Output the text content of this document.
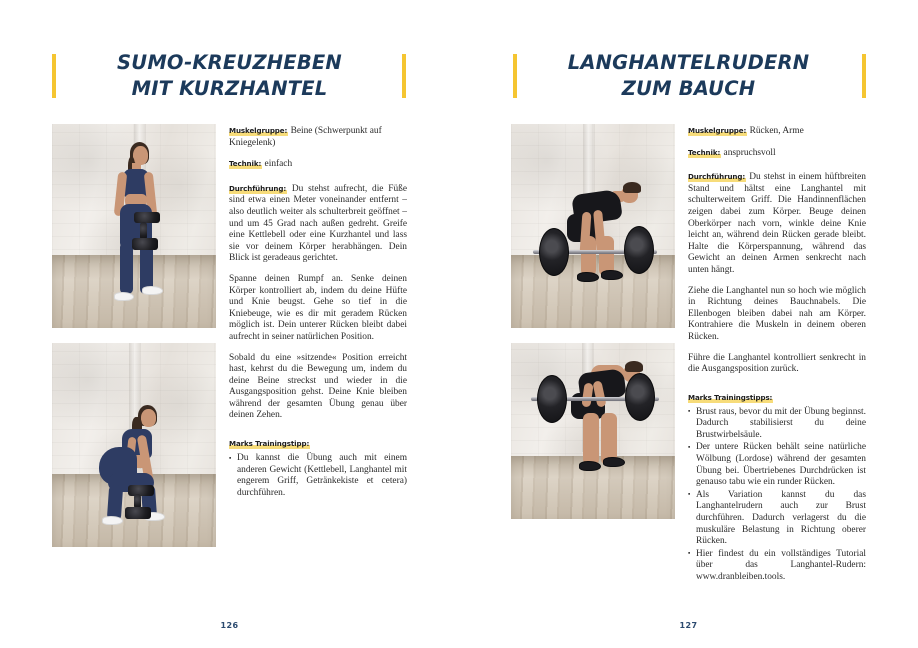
SUMO-KREUZHEBEN
MIT KURZHANTEL
Muskelgruppe: Beine (Schwerpunkt auf Kniegelenk)
Technik: einfach

Durchführung: Du stehst aufrecht, die Füße sind etwa einen Meter voneinander entfernt – also deutlich weiter als schulterbreit geöffnet – und um 45 Grad nach außen gedreht. Greife eine Kettlebell oder eine Kurzhantel und lass sie vor deinem Körper herabhängen. Dein Blick ist geradeaus gerichtet.

Spanne deinen Rumpf an. Senke deinen Körper kontrolliert ab, indem du deine Hüfte und Knie beugst. Gehe so tief in die Kniebeuge, wie es dir mit geradem Rücken möglich ist. Dein unterer Rücken bleibt dabei aufrecht in seiner natürlichen Position.

Sobald du eine »sitzende« Position erreicht hast, kehrst du die Bewegung um, indem du deine Beine streckst und wieder in die Ausgangsposition gehst. Deine Knie bleiben während der gesamten Übung genau über deinen Zehen.

Marks Trainingstipp:
▪ Du kannst die Übung auch mit einem anderen Gewicht (Kettlebell, Langhantel mit engerem Griff, Getränkekiste et cetera) durchführen.
126
LANGHANTELRUDERN
ZUM BAUCH
Muskelgruppe: Rücken, Arme
Technik: anspruchsvoll

Durchführung: Du stehst in einem hüftbreiten Stand und hältst eine Langhantel mit schulterweitem Griff. Die Handinnenflächen zeigen dabei zum Körper. Beuge deinen Oberkörper nach vorn, winkle deine Knie leicht an, während dein Rücken gerade bleibt. Halte die Körperspannung, während das Gewicht an deinen Armen senkrecht nach unten hängt.

Ziehe die Langhantel nun so hoch wie möglich in Richtung deines Bauchnabels. Die Ellenbogen bleiben dabei nah am Körper. Kontrahiere die Muskeln in deinem oberen Rücken.

Führe die Langhantel kontrolliert senkrecht in die Ausgangsposition zurück.

Marks Trainingstipps:
▪ Brust raus, bevor du mit der Übung beginnst. Dadurch stabilisierst du deine Brustwirbelsäule.
▪ Der untere Rücken behält seine natürliche Wölbung (Lordose) während der gesamten Übung bei. Übertriebenes Durchdrücken ist genauso tabu wie ein runder Rücken.
▪ Als Variation kannst du das Langhantelrudern auch zur Brust durchführen. Dadurch verlagerst du die muskuläre Belastung in Richtung oberer Rücken.
▪ Hier findest du ein vollständiges Tutorial über das Langhantel-Rudern: www.dranbleiben.tools.
127
